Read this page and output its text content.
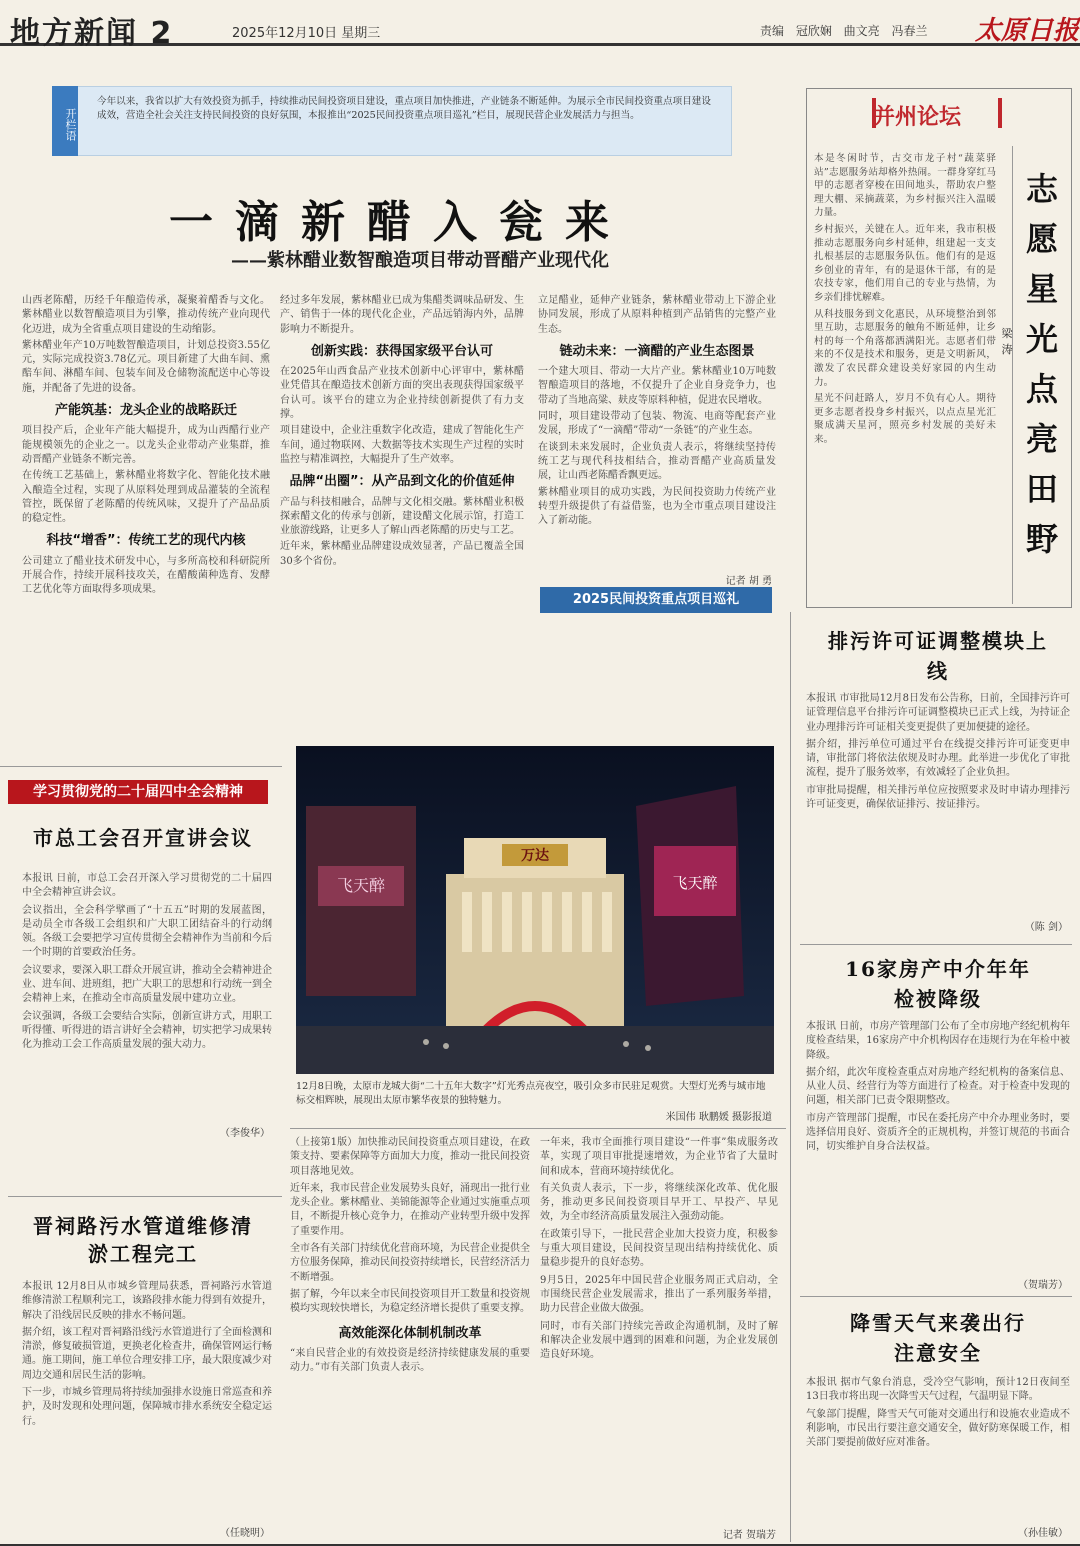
地方新闻 2	2025年12月10日 星期三	责编 冠欣娴 曲文亮 冯春兰 太原日报
今年以来，我省以扩大有效投资为抓手，持续推动民间投资项目建设，重点项目加快推进，产业链条不断延伸。为展示全市民间投资重点项目建设成效，营造全社会关注支持民间投资的良好氛围，本报推出“2025民间投资重点项目巡礼”栏目，展现民营企业发展活力与担当。
开栏语
一滴新醋入瓮来
——紫林醋业数智酿造项目带动晋醋产业现代化

山西老陈醋，历经千年酿造传承，凝聚着醋香与文化。紫林醋业以数智酿造项目为引擎，推动传统产业向现代化迈进，成为全省重点项目建设的生动缩影。

紫林醋业年产10万吨数智酿造项目，计划总投资3.55亿元，实际完成投资3.78亿元。项目新建了大曲车间、熏醅车间、淋醋车间、包装车间及仓储物流配送中心等设施，并配备了先进的设备。

产能筑基：龙头企业的战略跃迁

项目投产后，企业年产能大幅提升，成为山西醋行业产能规模领先的企业之一。以龙头企业带动产业集群，推动晋醋产业链条不断完善。

在传统工艺基础上，紫林醋业将数字化、智能化技术融入酿造全过程，实现了从原料处理到成品灌装的全流程管控，既保留了老陈醋的传统风味，又提升了产品品质的稳定性。

科技“增香”：传统工艺的现代内核

公司建立了醋业技术研发中心，与多所高校和科研院所开展合作，持续开展科技攻关，在醋酸菌种选育、发酵工艺优化等方面取得多项成果。

经过多年发展，紫林醋业已成为集醋类调味品研发、生产、销售于一体的现代化企业，产品远销海内外，品牌影响力不断提升。

创新实践：获得国家级平台认可

在2025年山西食品产业技术创新中心评审中，紫林醋业凭借其在酿造技术创新方面的突出表现获得国家级平台认可。该平台的建立为企业持续创新提供了有力支撑。

项目建设中，企业注重数字化改造，建成了智能化生产车间，通过物联网、大数据等技术实现生产过程的实时监控与精准调控，大幅提升了生产效率。

品牌“出圈”：从产品到文化的价值延伸

产品与科技相融合，品牌与文化相交融。紫林醋业积极探索醋文化的传承与创新，建设醋文化展示馆，打造工业旅游线路，让更多人了解山西老陈醋的历史与工艺。

近年来，紫林醋业品牌建设成效显著，产品已覆盖全国30多个省份。

立足醋业，延伸产业链条，紫林醋业带动上下游企业协同发展，形成了从原料种植到产品销售的完整产业生态。

链动未来：一滴醋的产业生态图景

一个建大项目、带动一大片产业。紫林醋业10万吨数智酿造项目的落地，不仅提升了企业自身竞争力，也带动了当地高粱、麸皮等原料种植，促进农民增收。

同时，项目建设带动了包装、物流、电商等配套产业发展，形成了“一滴醋”带动“一条链”的产业生态。

在谈到未来发展时，企业负责人表示，将继续坚持传统工艺与现代科技相结合，推动晋醋产业高质量发展，让山西老陈醋香飘更远。

紫林醋业项目的成功实践，为民间投资助力传统产业转型升级提供了有益借鉴，也为全市重点项目建设注入了新动能。

记者 胡 勇
2025民间投资重点项目巡礼
并州论坛
志愿星光点亮田野
梁涛

本是冬闲时节，古交市龙子村“蔬菜驿站”志愿服务站却格外热闹。一群身穿红马甲的志愿者穿梭在田间地头，帮助农户整理大棚、采摘蔬菜，为乡村振兴注入温暖力量。

乡村振兴，关键在人。近年来，我市积极推动志愿服务向乡村延伸，组建起一支支扎根基层的志愿服务队伍。他们有的是返乡创业的青年，有的是退休干部，有的是农技专家，他们用自己的专业与热情，为乡亲们排忧解难。

从科技服务到文化惠民，从环境整治到邻里互助，志愿服务的触角不断延伸，让乡村的每一个角落都洒满阳光。志愿者们带来的不仅是技术和服务，更是文明新风，激发了农民群众建设美好家园的内生动力。

星光不问赶路人，岁月不负有心人。期待更多志愿者投身乡村振兴，以点点星光汇聚成满天星河，照亮乡村发展的美好未来。

学习贯彻党的二十届四中全会精神
市总工会召开宣讲会议

本报讯 日前，市总工会召开深入学习贯彻党的二十届四中全会精神宣讲会议。

会议指出，全会科学擘画了“十五五”时期的发展蓝图，是动员全市各级工会组织和广大职工团结奋斗的行动纲领。各级工会要把学习宣传贯彻全会精神作为当前和今后一个时期的首要政治任务。

会议要求，要深入职工群众开展宣讲，推动全会精神进企业、进车间、进班组，把广大职工的思想和行动统一到全会精神上来，在推动全市高质量发展中建功立业。

会议强调，各级工会要结合实际，创新宣讲方式，用职工听得懂、听得进的语言讲好全会精神，切实把学习成果转化为推动工会工作高质量发展的强大动力。

（李俊华）
晋祠路污水管道维修清淤工程完工

本报讯 12月8日从市城乡管理局获悉，晋祠路污水管道维修清淤工程顺利完工，该路段排水能力得到有效提升，解决了沿线居民反映的排水不畅问题。

据介绍，该工程对晋祠路沿线污水管道进行了全面检测和清淤，修复破损管道，更换老化检查井，确保管网运行畅通。施工期间，施工单位合理安排工序，最大限度减少对周边交通和居民生活的影响。

下一步，市城乡管理局将持续加强排水设施日常巡查和养护，及时发现和处理问题，保障城市排水系统安全稳定运行。

（任晓明）
飞天醉	飞天醉
万达
12月8日晚，太原市龙城大街“二十五年大数字”灯光秀点亮夜空，吸引众多市民驻足观赏。大型灯光秀与城市地标交相辉映，展现出太原市繁华夜景的独特魅力。
米国伟 耿鹏媛 摄影报道

（上接第1版）加快推动民间投资重点项目建设，在政策支持、要素保障等方面加大力度，推动一批民间投资项目落地见效。

近年来，我市民营企业发展势头良好，涌现出一批行业龙头企业。紫林醋业、美锦能源等企业通过实施重点项目，不断提升核心竞争力，在推动产业转型升级中发挥了重要作用。

全市各有关部门持续优化营商环境，为民营企业提供全方位服务保障，推动民间投资持续增长，民营经济活力不断增强。

据了解，今年以来全市民间投资项目开工数量和投资规模均实现较快增长，为稳定经济增长提供了重要支撑。

高效能深化体制机制改革

“来自民营企业的有效投资是经济持续健康发展的重要动力。”市有关部门负责人表示。

一年来，我市全面推行项目建设“一件事”集成服务改革，实现了项目审批提速增效，为企业节省了大量时间和成本，营商环境持续优化。

有关负责人表示，下一步，将继续深化改革、优化服务，推动更多民间投资项目早开工、早投产、早见效，为全市经济高质量发展注入强劲动能。

在政策引导下，一批民营企业加大投资力度，积极参与重大项目建设，民间投资呈现出结构持续优化、质量稳步提升的良好态势。

9月5日，2025年中国民营企业服务周正式启动，全市围绕民营企业发展需求，推出了一系列服务举措，助力民营企业做大做强。

同时，市有关部门持续完善政企沟通机制，及时了解和解决企业发展中遇到的困难和问题，为企业发展创造良好环境。

记者 贺瑞芳
排污许可证调整模块上线

本报讯 市审批局12月8日发布公告称，日前，全国排污许可证管理信息平台排污许可证调整模块已正式上线，为持证企业办理排污许可证相关变更提供了更加便捷的途径。

据介绍，排污单位可通过平台在线提交排污许可证变更申请，审批部门将依法依规及时办理。此举进一步优化了审批流程，提升了服务效率，有效减轻了企业负担。

市审批局提醒，相关排污单位应按照要求及时申请办理排污许可证变更，确保依证排污、按证排污。

（陈 剑）
16家房产中介年年检被降级

本报讯 日前，市房产管理部门公布了全市房地产经纪机构年度检查结果，16家房产中介机构因存在违规行为在年检中被降级。

据介绍，此次年度检查重点对房地产经纪机构的备案信息、从业人员、经营行为等方面进行了检查。对于检查中发现的问题，相关部门已责令限期整改。

市房产管理部门提醒，市民在委托房产中介办理业务时，要选择信用良好、资质齐全的正规机构，并签订规范的书面合同，切实维护自身合法权益。

（贺瑞芳）
降雪天气来袭出行注意安全

本报讯 据市气象台消息，受冷空气影响，预计12日夜间至13日我市将出现一次降雪天气过程，气温明显下降。

气象部门提醒，降雪天气可能对交通出行和设施农业造成不利影响，市民出行要注意交通安全，做好防寒保暖工作，相关部门要提前做好应对准备。

（孙佳敏）
